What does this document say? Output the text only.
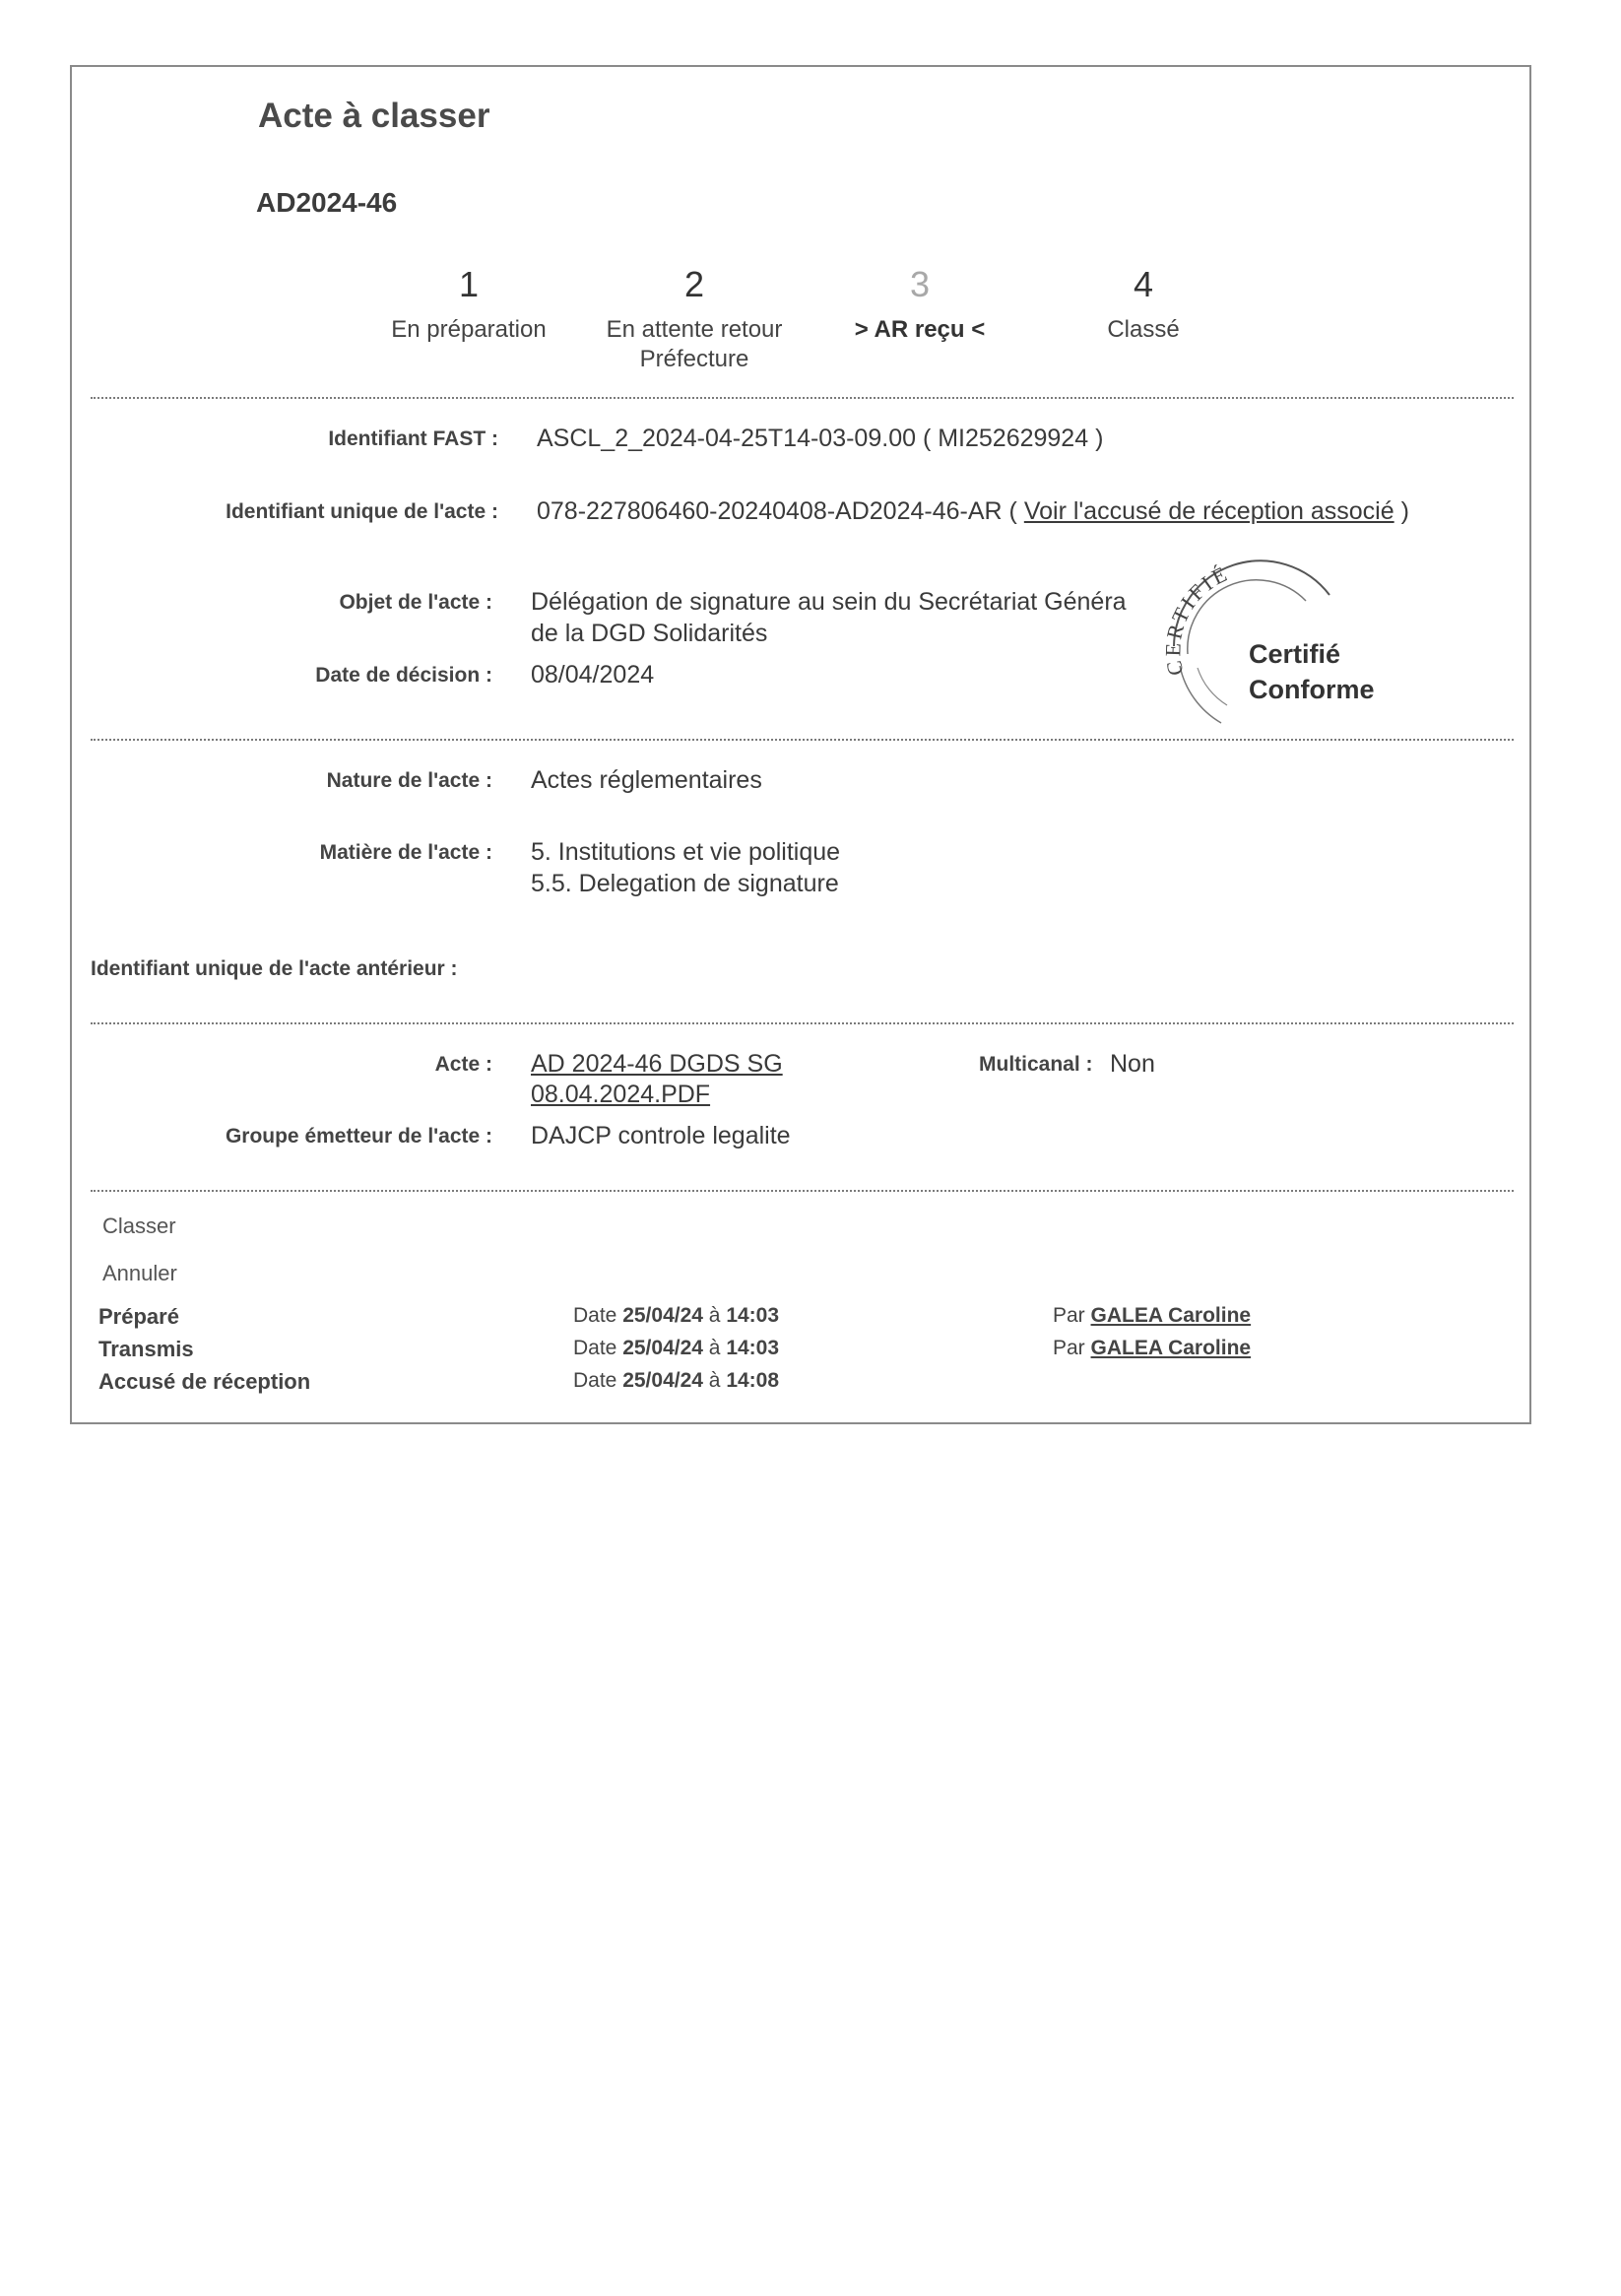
Acte à classer
AD2024-46
1
En préparation
2
En attente retour
Préfecture
3
> AR reçu <
4
Classé
Identifiant FAST : ASCL_2_2024-04-25T14-03-09.00 ( MI252629924 )
Identifiant unique de l'acte : 078-227806460-20240408-AD2024-46-AR ( Voir l'accusé de réception associé )
Objet de l'acte : Délégation de signature au sein du Secrétariat Généra
de la DGD Solidarités
Date de décision : 08/04/2024	CERTIFIÉ
Certifié
Conforme
Nature de l'acte : Actes réglementaires
Matière de l'acte : 5. Institutions et vie politique
5.5. Delegation de signature
Identifiant unique de l'acte antérieur :
Acte : AD 2024-46 DGDS SG
08.04.2024.PDF
Multicanal : Non
Groupe émetteur de l'acte : DAJCP controle legalite
Classer
Annuler
Préparé	Date 25/04/24 à 14:03	Par GALEA Caroline
Transmis	Date 25/04/24 à 14:03	Par GALEA Caroline
Accusé de réception	Date 25/04/24 à 14:08
